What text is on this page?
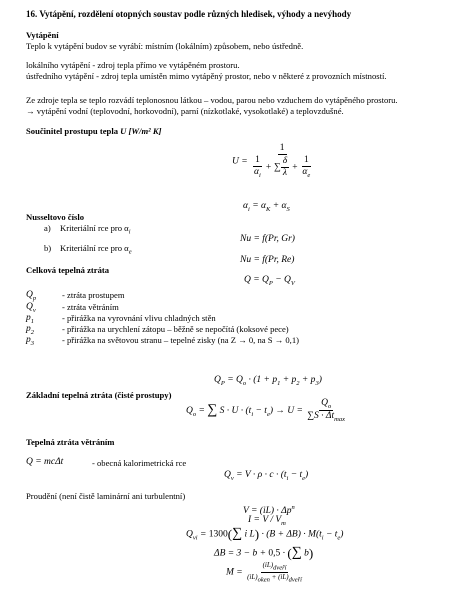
16. Vytápění, rozdělení otopných soustav podle různých hledisek, výhody a nevýhody
Vytápění
Teplo k vytápění budov se vyrábí: místním (lokálním) způsobem, nebo ústředně.
lokálního vytápění - zdroj tepla přímo ve vytápěném prostoru.
ústředního vytápění - zdroj tepla umístěn mimo vytápěný prostor, nebo v některé z provozních místností.
Ze zdroje tepla se teplo rozvádí teplonosnou látkou – vodou, parou nebo vzduchem do vytápěného prostoru.
→ vytápění vodní (teplovodní, horkovodní), parní (nízkotlaké, vysokotlaké) a teplovzdušné.
Součinitel prostupu tepla U [W/m² K]
$U = \frac{1}{\frac{1}{\alpha_i} + \sum \frac{\delta}{\lambda} + \frac{1}{\alpha_e}}$
$\alpha_i = \alpha_K + \alpha_S$
Nusseltovo číslo
a) Kriteriální rce pro $\alpha_i$
Nu = f(Pr, Gr)
b) Kriteriální rce pro $\alpha_e$
Nu = f(Pr, Re)
Celková tepelná ztráta
$Q = Q_P - Q_V$
$Q_p$	- ztráta prostupem
$Q_v$	- ztráta větráním
$p_1$	- přirážka na vyrovnání vlivu chladných stěn
$p_2$	- přirážka na urychlení zátopu – běžně se nepočítá (koksové pece)
$p_3$	- přirážka na světovou stranu – tepelné zisky (na Z → 0, na S → 0,1)
$Q_P = Q_o \cdot (1 + p_1 + p_2 + p_3)$
Základní tepelná ztráta (čisté prostupy)
$Q_o$ = ∑ $S \cdot U \cdot (t_i - t_e) \to U = \frac{Q_o}{\sum S \cdot \Delta t_{max}}$
Tepelná ztráta větráním
Q = mcΔt	- obecná kalorimetrická rce
$Q_v = V \cdot \rho \cdot c \cdot (t_i - t_e)$
Proudění (není čistě laminární ani turbulentní)
$V = (iL) \cdot \Delta p^n$
$I = V / V_m$
$Q_{vi} = 1300(\sum$ i $L) \cdot (B + \Delta B) \cdot M(t_i - t_e)$
ΔB = 3 − b + 0,5 · (∑ b)
$M = \frac{(iL)_{dveří}}{(iL)_{oken} + (iL)_{dveří}}$
